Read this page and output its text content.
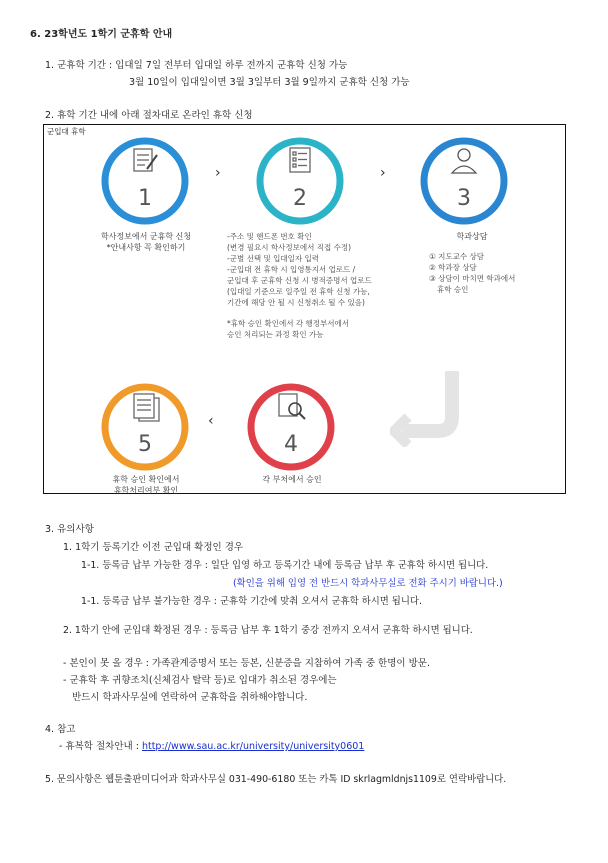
6. 23학년도 1학기 군휴학 안내
1. 군휴학 기간 : 입대일 7일 전부터 입대일 하루 전까지 군휴학 신청 가능
3월 10일이 입대일이면 3월 3일부터 3월 9일까지 군휴학 신청 가능
2. 휴학 기간 내에 아래 절차대로 온라인 휴학 신청
군입대 휴학
1
›
2
›
3
학사정보에서 군휴학 신청
*안내사항 꼭 확인하기
-주소 및 핸드폰 번호 확인
(변경 필요시 학사정보에서 직접 수정)
-군별 선택 및 입대일자 입력
-군입대 전 휴학 시 입영통지서 업로드 /
군입대 후 군휴학 신청 시 병적증명서 업로드
(입대일 기준으로 일주일 전 휴학 신청 가능,
기간에 해당 안 될 시 신청취소 될 수 있음)
*휴학 승인 확인에서 각 행정부서에서
승인 처리되는 과정 확인 가능
학과상담
① 지도교수 상담
② 학과장 상담
③ 상담이 마치면 학과에서
휴학 승인
5
‹
4
휴학 승인 확인에서
휴학처리여부 확인
각 부처에서 승인
3. 유의사항
1. 1학기 등록기간 이전 군입대 확정인 경우
1-1. 등록금 납부 가능한 경우 : 일단 입영 하고 등록기간 내에 등록금 납부 후 군휴학 하시면 됩니다.
(확인을 위해 입영 전 반드시 학과사무실로 전화 주시기 바랍니다.)
1-1. 등록금 납부 불가능한 경우 : 군휴학 기간에 맞춰 오셔서 군휴학 하시면 됩니다.
2. 1학기 안에 군입대 확정된 경우 : 등록금 납부 후 1학기 중강 전까지 오셔서 군휴학 하시면 됩니다.
- 본인이 못 올 경우 : 가족관계증명서 또는 등본, 신분증을 지참하여 가족 중 한명이 방문.
- 군휴학 후 귀향조치(신체검사 탈락 등)로 입대가 취소된 경우에는
반드시 학과사무실에 연락하여 군휴학을 취하해야합니다.
4. 참고
- 휴복학 절차안내 : http://www.sau.ac.kr/university/university0601
5. 문의사항은 웹툰출판미디어과 학과사무실 031-490-6180 또는 카톡 ID skrlagmldnjs1109로 연락바랍니다.
